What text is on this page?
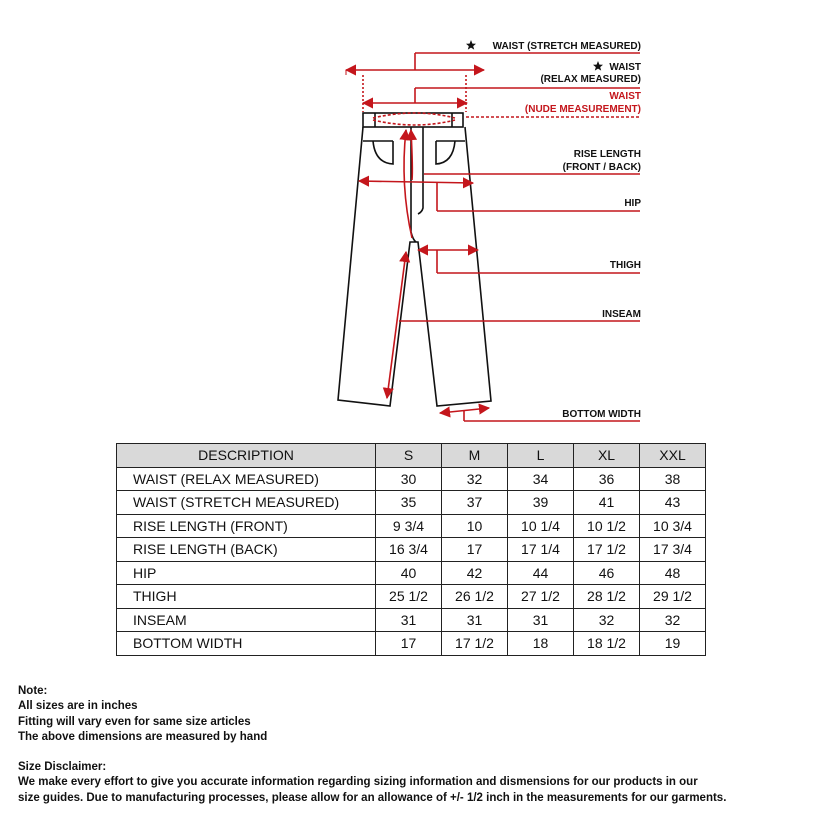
WAIST (STRETCH MEASURED)
WAIST
(RELAX MEASURED)
WAIST
(NUDE MEASUREMENT)
RISE LENGTH
(FRONT / BACK)
HIP
THIGH
INSEAM
BOTTOM WIDTH
DESCRIPTION	S	M	L	XL	XXL
WAIST (RELAX MEASURED)	30	32	34	36	38
WAIST (STRETCH MEASURED)	35	37	39	41	43
RISE LENGTH (FRONT)	9 3/4	10	10 1/4	10 1/2	10 3/4
RISE LENGTH (BACK)	16 3/4	17	17 1/4	17 1/2	17 3/4
HIP	40	42	44	46	48
THIGH	25 1/2	26 1/2	27 1/2	28 1/2	29 1/2
INSEAM	31	31	31	32	32
BOTTOM WIDTH	17	17 1/2	18	18 1/2	19

Note:

All sizes are in inches

Fitting will vary even for same size articles

The above dimensions are measured by hand

Size Disclaimer:

We make every effort to give you accurate information regarding sizing information and dismensions for our products in our

size guides. Due to manufacturing processes, please allow for an allowance of +/- 1/2 inch in the measurements for our garments.
